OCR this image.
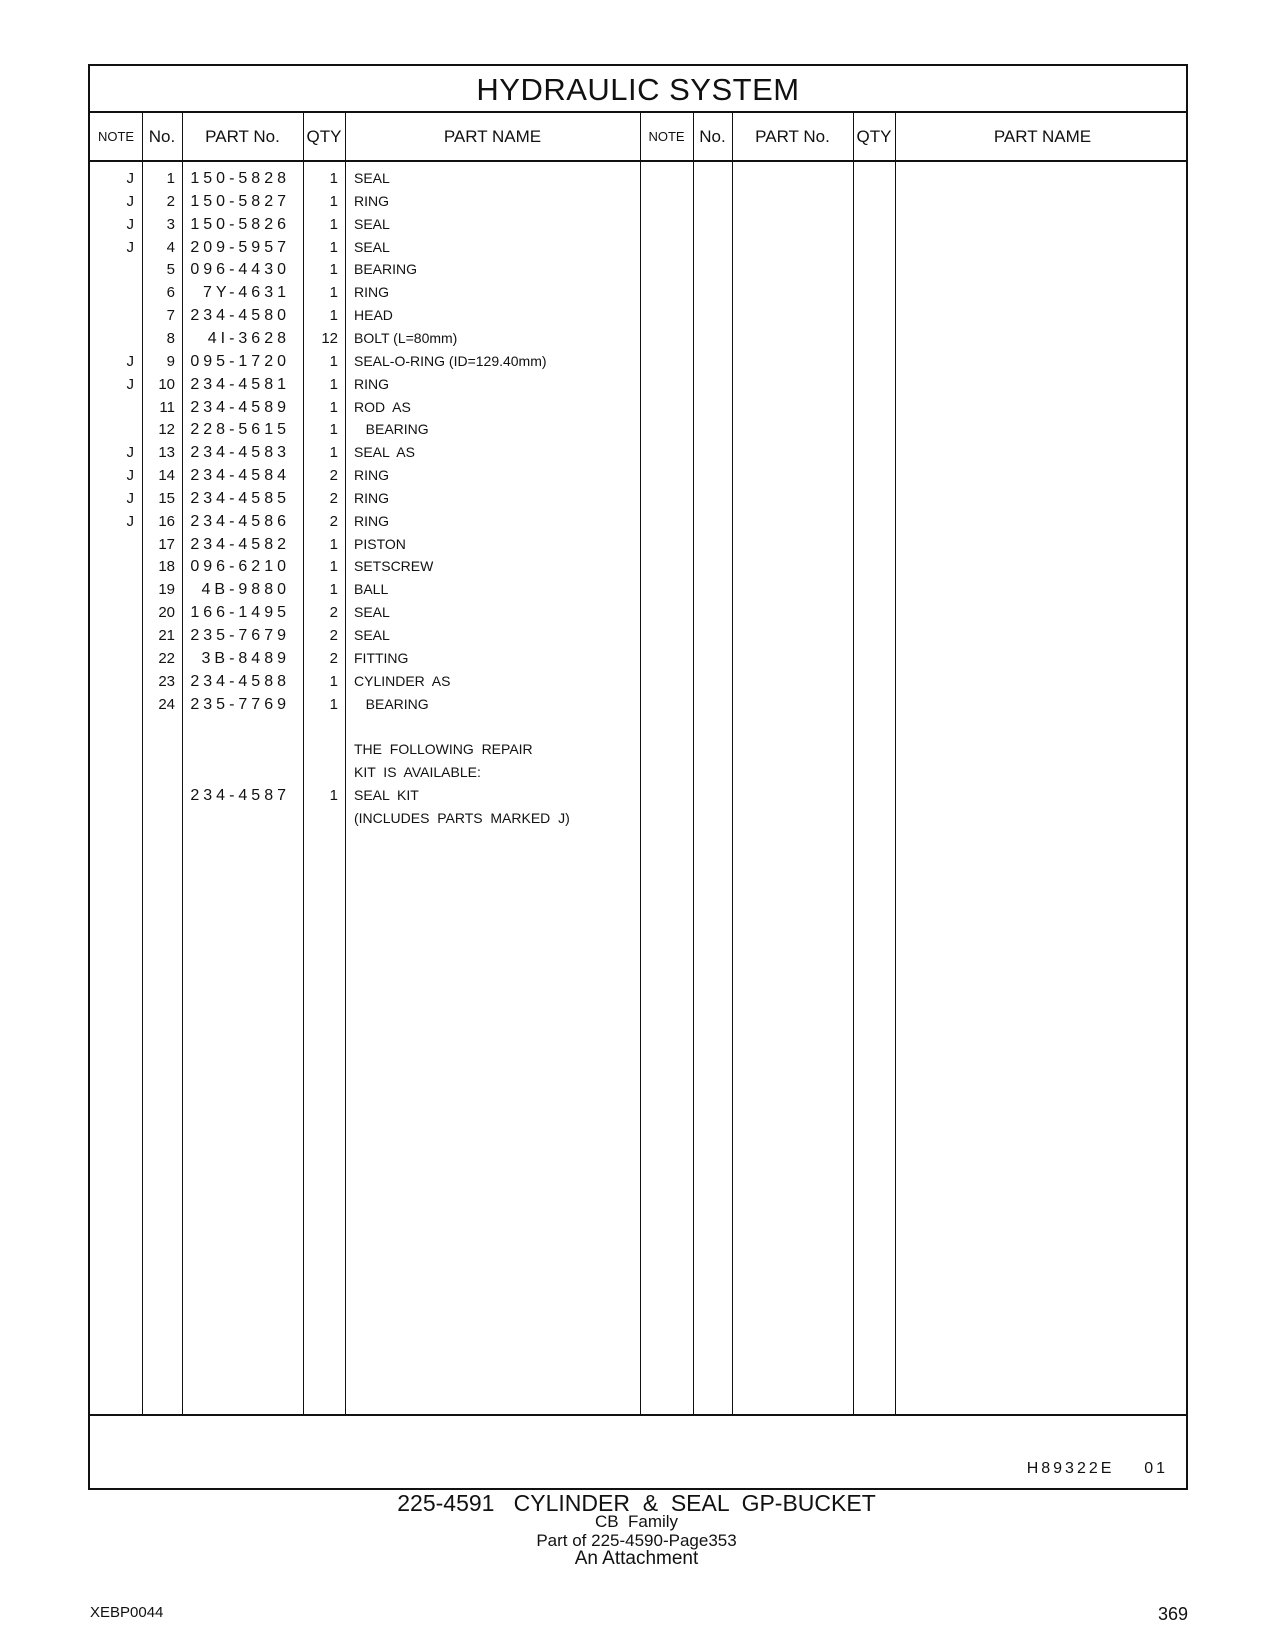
HYDRAULIC SYSTEM
NOTE No.	PART No.	QTY	PART NAME	NOTE No.	PART No.	QTY	PART NAME
J	1 150-5828	1 SEAL
J	2 150-5827	1 RING
J	3 150-5826	1 SEAL
J	4 209-5957	1 SEAL
5 096-4430	1 BEARING
6	7Y-4631	1 RING
7 234-4580	1 HEAD
8	4I-3628	12 BOLT (L=80mm)
J	9 095-1720	1 SEAL-O-RING (ID=129.40mm)
J	10 234-4581	1 RING
11 234-4589	1 ROD  AS
12 228-5615	1 BEARING
J	13 234-4583	1 SEAL  AS
J	14 234-4584	2 RING
J	15 234-4585	2 RING
J	16 234-4586	2 RING
17 234-4582	1 PISTON
18 096-6210	1 SETSCREW
19	4B-9880	1 BALL
20 166-1495	2 SEAL
21 235-7679	2 SEAL
22	3B-8489	2 FITTING
23 234-4588	1 CYLINDER  AS
24 235-7769	1 BEARING
THE  FOLLOWING  REPAIR
KIT  IS  AVAILABLE:
234-4587	1 SEAL  KIT
(INCLUDES  PARTS  MARKED  J)
H89322E    01
225-4591   CYLINDER  &  SEAL  GP-BUCKET
CB  Family
Part of 225-4590-Page353
An Attachment
XEBP0044	369
